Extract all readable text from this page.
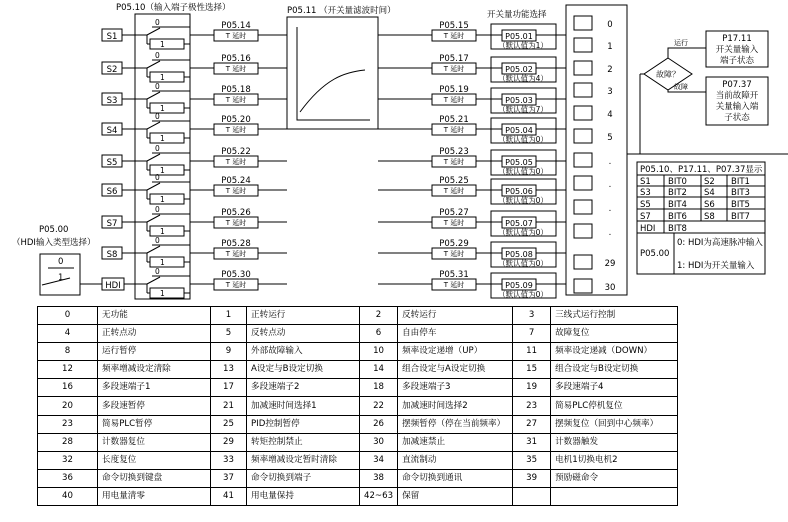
S1
0
1
P05.14
T 延时
P05.15
T 延时	P05.01
（默认值为1）
S2
0
1
P05.16
T 延时
P05.17
T 延时	P05.02
（默认值为4）
S3
0
1
P05.18
T 延时
P05.19
T 延时	P05.03
（默认值为7）
S4
0
1
P05.20
T 延时
P05.21
T 延时	P05.04
（默认值为0）
S5
0
1
P05.22
T 延时
P05.23
T 延时	P05.05
（默认值为0）
S6
0
1
P05.24
T 延时
P05.25
T 延时	P05.06
（默认值为0）
S7
0
1
P05.26
T 延时
P05.27
T 延时	P05.07
（默认值为0）
S8
0
1
P05.28
T 延时
P05.29
T 延时	P05.08
（默认值为0）
HDI
0
1
P05.30
T 延时
P05.31
T 延时	P05.09
（默认值为0）
0
1
2
3
4
5
.
.
.
.
29
30
P05.10（输入端子极性选择）	P05.11 （开关量滤波时间）	开关量功能选择
P05.00
（HDI输入类型选择）
0
1
运行
故障
故障？
P17.11
开关量输入
端子状态
P07.37
当前故障开
关量输入端
子状态
P05.10、P17.11、P07.37显示
S1 BIT0 S2 BIT1
S3 BIT2 S4 BIT3
S5 BIT4 S6 BIT5
S7 BIT6 S8 BIT7
HDI BIT8
P05.00
0: HDI为高速脉冲输入
1: HDI为开关量输入
0	无功能	1	正转运行	2	反转运行	3	三线式运行控制
4	正转点动	5	反转点动	6	自由停车	7	故障复位
8	运行暂停	9	外部故障输入	10	频率设定递增（UP）	11	频率设定递减（DOWN）
12	频率增减设定清除	13	A设定与B设定切换	14	组合设定与A设定切换	15	组合设定与B设定切换
16	多段速端子1	17	多段速端子2	18	多段速端子3	19	多段速端子4
20	多段速暂停	21	加减速时间选择1	22	加减速时间选择2	23	简易PLC停机复位
23	简易PLC暂停	25	PID控制暂停	26	摆频暂停（停在当前频率）	27	摆频复位（回到中心频率）
28	计数器复位	29	转矩控制禁止	30	加减速禁止	31	计数器触发
32	长度复位	33	频率增减设定暂时清除	34	直流制动	35	电机1切换电机2
36	命令切换到键盘	37	命令切换到端子	38	命令切换到通讯	39	预励磁命令
40	用电量清零	41	用电量保持	42~63	保留		
